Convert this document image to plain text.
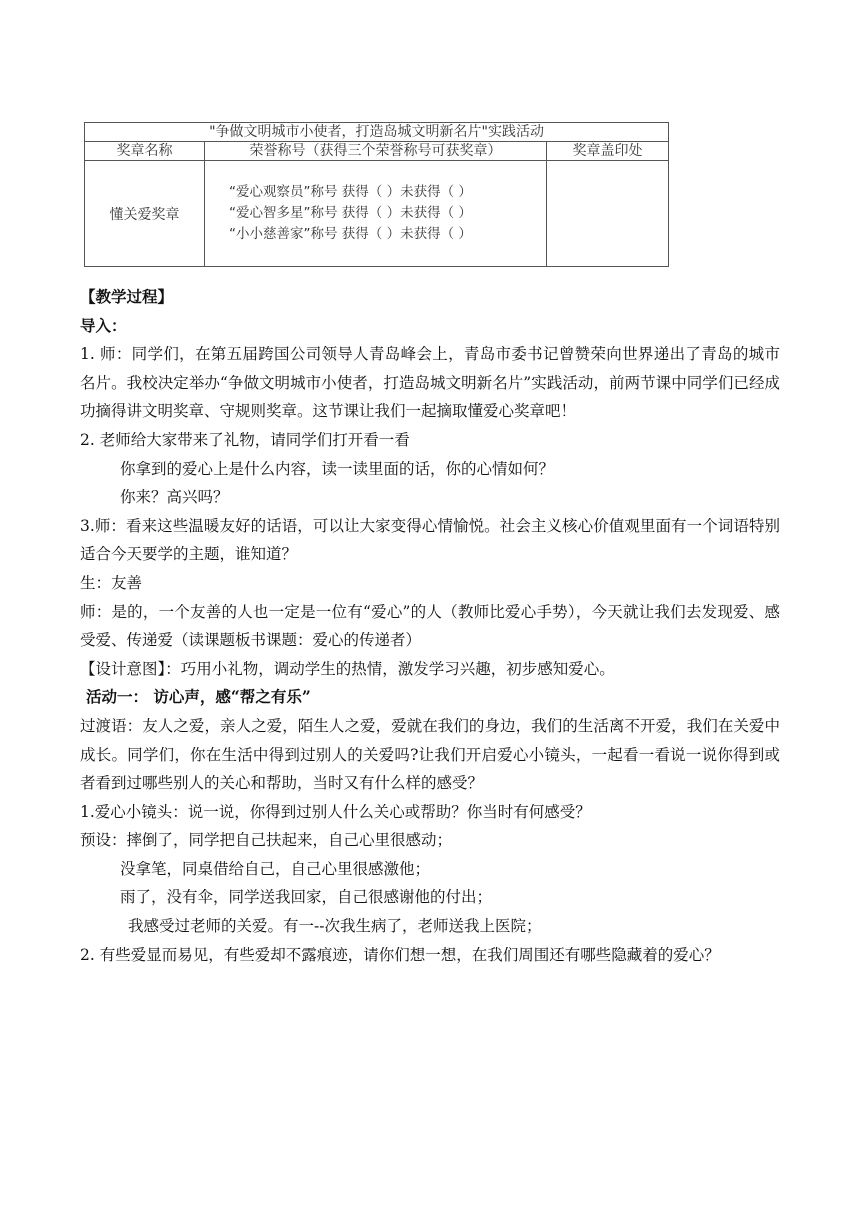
"争做文明城市小使者，打造岛城文明新名片"实践活动		
奖章名称	荣誉称号（获得三个荣誉称号可获奖章）	奖章盖印处
懂关爱奖章	“爱心观察员”称号 获得（ ）未获得（ ）
“爱心智多星”称号 获得（ ）未获得（ ）
“小小慈善家”称号 获得（ ）未获得（ ）	

【教学过程】

导入：

1. 师：同学们，在第五届跨国公司领导人青岛峰会上，青岛市委书记曾赞荣向世界递出了青岛的城市名片。我校决定举办“争做文明城市小使者，打造岛城文明新名片”实践活动，前两节课中同学们已经成功摘得讲文明奖章、守规则奖章。这节课让我们一起摘取懂爱心奖章吧！

2. 老师给大家带来了礼物，请同学们打开看一看

你拿到的爱心上是什么内容，读一读里面的话，你的心情如何？

你来？高兴吗？

3.师：看来这些温暖友好的话语，可以让大家变得心情愉悦。社会主义核心价值观里面有一个词语特别适合今天要学的主题，谁知道？

生：友善

师：是的，一个友善的人也一定是一位有“爱心”的人（教师比爱心手势），今天就让我们去发现爱、感受爱、传递爱（读课题板书课题：爱心的传递者）

【设计意图】：巧用小礼物，调动学生的热情，激发学习兴趣，初步感知爱心。

活动一： 访心声，感“帮之有乐”

过渡语：友人之爱，亲人之爱，陌生人之爱，爱就在我们的身边，我们的生活离不开爱，我们在关爱中成长。同学们，你在生活中得到过别人的关爱吗?让我们开启爱心小镜头，一起看一看说一说你得到或者看到过哪些别人的关心和帮助，当时又有什么样的感受？

1.爱心小镜头：说一说，你得到过别人什么关心或帮助？你当时有何感受？

预设：摔倒了，同学把自己扶起来，自己心里很感动；

没拿笔，同桌借给自己，自己心里很感激他；

雨了，没有伞，同学送我回家，自己很感谢他的付出；

我感受过老师的关爱。有一--次我生病了，老师送我上医院；

2. 有些爱显而易见，有些爱却不露痕迹，请你们想一想，在我们周围还有哪些隐藏着的爱心？
